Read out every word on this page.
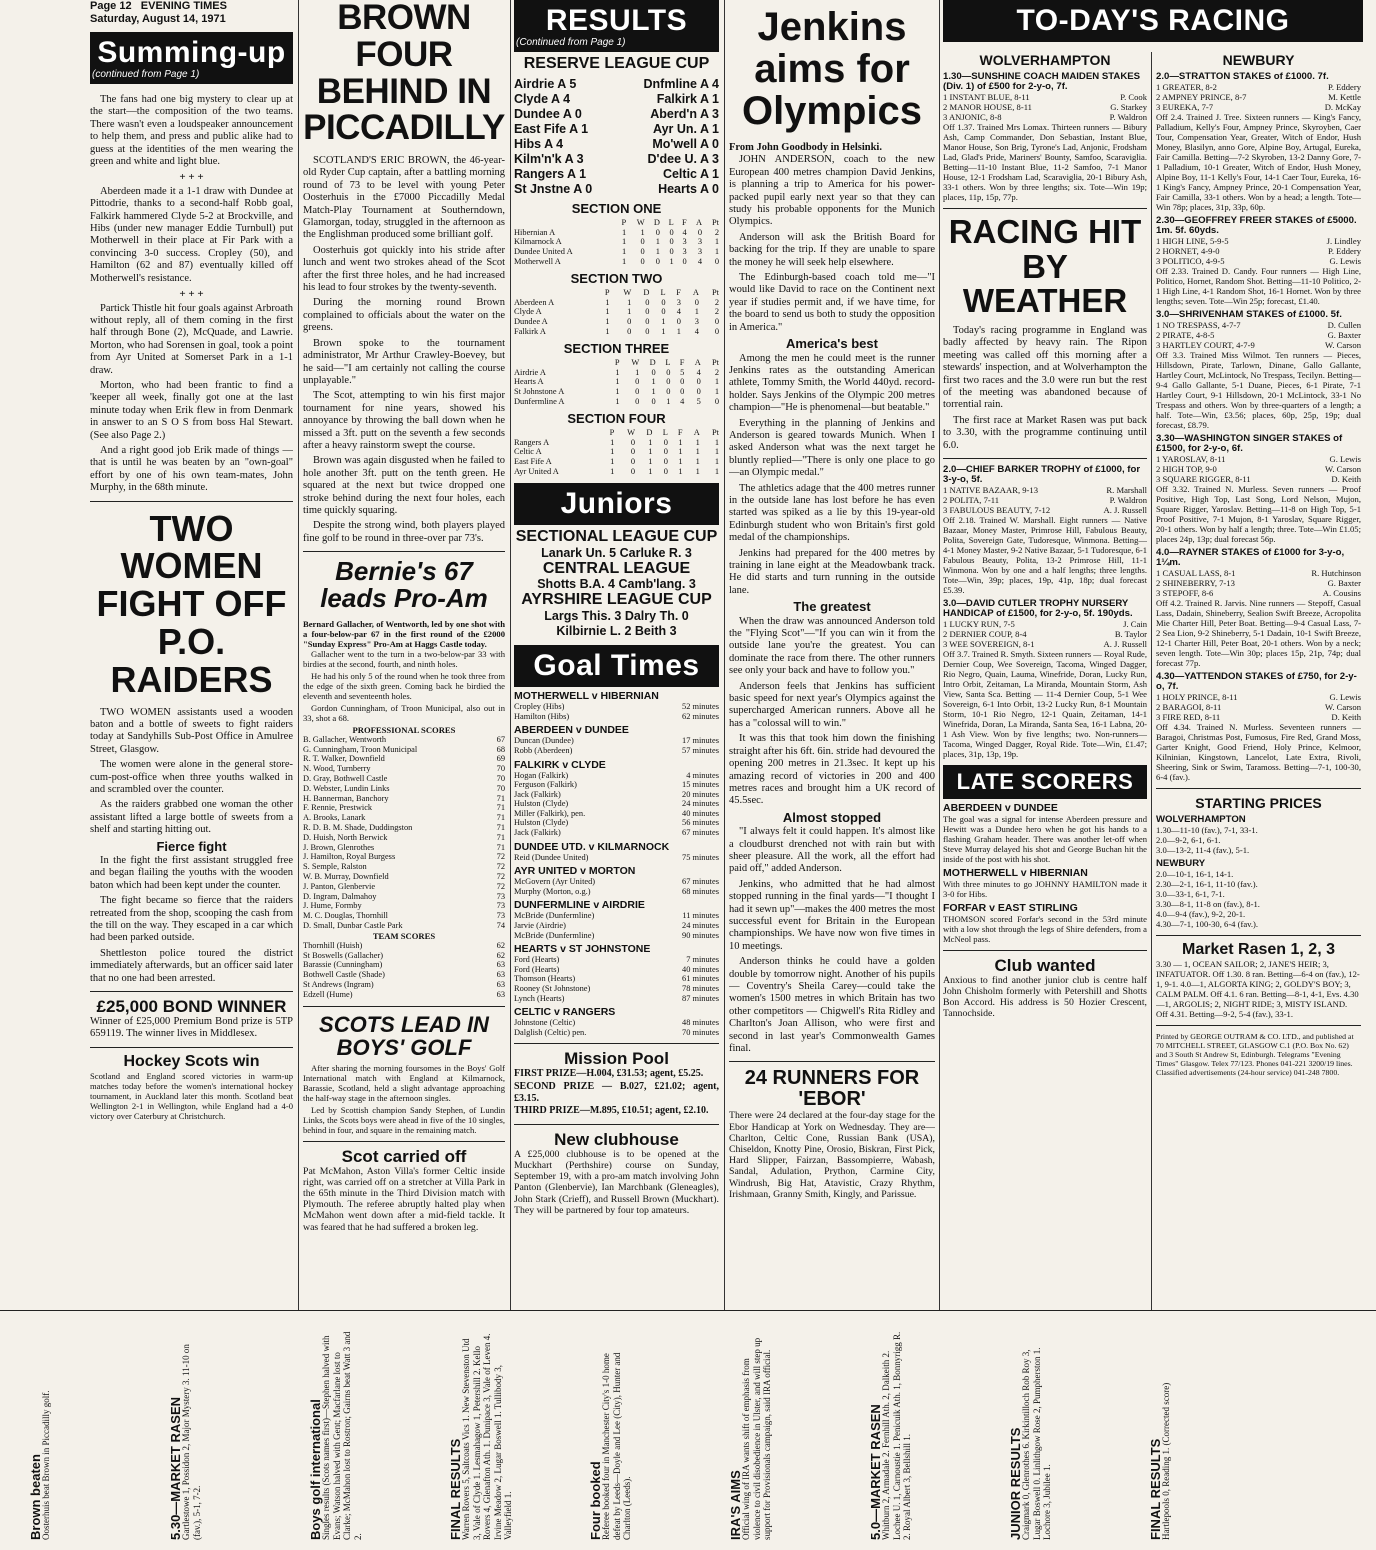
Page 12 EVENING TIMES
Saturday, August 14, 1971
Summing-up
(continued from Page 1)

The fans had one big mystery to clear up at the start—the composition of the two teams. There wasn't even a loudspeaker announcement to help them, and press and public alike had to guess at the identities of the men wearing the green and white and light blue.

+ + +

Aberdeen made it a 1-1 draw with Dundee at Pittodrie, thanks to a second-half Robb goal, Falkirk hammered Clyde 5-2 at Brockville, and Hibs (under new manager Eddie Turnbull) put Motherwell in their place at Fir Park with a convincing 3-0 success. Cropley (50), and Hamilton (62 and 87) eventually killed off Motherwell's resistance.

+ + +

Partick Thistle hit four goals against Arbroath without reply, all of them coming in the first half through Bone (2), McQuade, and Lawrie. Morton, who had Sorensen in goal, took a point from Ayr United at Somerset Park in a 1-1 draw.

Morton, who had been frantic to find a 'keeper all week, finally got one at the last minute today when Erik flew in from Denmark in answer to an S O S from boss Hal Stewart. (See also Page 2.)

And a right good job Erik made of things — that is until he was beaten by an "own-goal" effort by one of his own team-mates, John Murphy, in the 68th minute.

TWO WOMEN FIGHT OFF P.O. RAIDERS

TWO WOMEN assistants used a wooden baton and a bottle of sweets to fight raiders today at Sandyhills Sub-Post Office in Amulree Street, Glasgow.

The women were alone in the general store-cum-post-office when three youths walked in and scrambled over the counter.

As the raiders grabbed one woman the other assistant lifted a large bottle of sweets from a shelf and starting hitting out.

Fierce fight

In the fight the first assistant struggled free and began flailing the youths with the wooden baton which had been kept under the counter.

The fight became so fierce that the raiders retreated from the shop, scooping the cash from the till on the way. They escaped in a car which had been parked outside.

Shettleston police toured the district immediately afterwards, but an officer said later that no one had been arrested.

£25,000 BOND WINNER
Winner of £25,000 Premium Bond prize is 5TP 659119. The winner lives in Middlesex.
Hockey Scots win
Scotland and England scored victories in warm-up matches today before the women's international hockey tournament, in Auckland later this month. Scotland beat Wellington 2-1 in Wellington, while England had a 4-0 victory over Caterbury at Christchurch.
BROWN FOUR BEHIND IN PICCADILLY

SCOTLAND'S ERIC BROWN, the 46-year-old Ryder Cup captain, after a battling morning round of 73 to be level with young Peter Oosterhuis in the £7000 Piccadilly Medal Match-Play Tournament at Southerndown, Glamorgan, today, struggled in the afternoon as the Englishman produced some brilliant golf.

Oosterhuis got quickly into his stride after lunch and went two strokes ahead of the Scot after the first three holes, and he had increased his lead to four strokes by the twenty-seventh.

During the morning round Brown complained to officials about the water on the greens.

Brown spoke to the tournament administrator, Mr Arthur Crawley-Boevey, but he said—"I am certainly not calling the course unplayable."

The Scot, attempting to win his first major tournament for nine years, showed his annoyance by throwing the ball down when he missed a 3ft. putt on the seventh a few seconds after a heavy rainstorm swept the course.

Brown was again disgusted when he failed to hole another 3ft. putt on the tenth green. He squared at the next but twice dropped one stroke behind during the next four holes, each time quickly squaring.

Despite the strong wind, both players played fine golf to be round in three-over par 73's.

Bernie's 67 leads Pro-Am
Bernard Gallacher, of Wentworth, led by one shot with a four-below-par 67 in the first round of the £2000 "Sunday Express" Pro-Am at Haggs Castle today.

Gallacher went to the turn in a two-below-par 33 with birdies at the second, fourth, and ninth holes.

He had his only 5 of the round when he took three from the edge of the sixth green. Coming back he birdied the eleventh and seventeenth holes.

Gordon Cunningham, of Troon Municipal, also out in 33, shot a 68.

PROFESSIONAL SCORES
B. Gallacher, Wentworth	67
G. Cunningham, Troon Municipal	68
R. T. Walker, Downfield	69
N. Wood, Turnberry	70
D. Gray, Bothwell Castle	70
D. Webster, Lundin Links	70
H. Bannerman, Banchory	71
F. Rennie, Prestwick	71
A. Brooks, Lanark	71
R. D. B. M. Shade, Duddingston	71
D. Huish, North Berwick	71
J. Brown, Glenrothes	71
J. Hamilton, Royal Burgess	72
S. Semple, Ralston	72
W. B. Murray, Downfield	72
J. Panton, Glenbervie	72
D. Ingram, Dalmahoy	73
J. Hume, Formby	73
M. C. Douglas, Thornhill	73
D. Small, Dunbar Castle Park	74
TEAM SCORES
Thornhill (Huish)	62
St Boswells (Gallacher)	62
Barassie (Cunningham)	63
Bothwell Castle (Shade)	63
St Andrews (Ingram)	63
Edzell (Hume)	63
SCOTS LEAD IN BOYS' GOLF

After sharing the morning foursomes in the Boys' Golf International match with England at Kilmarnock, Barassie, Scotland, held a slight advantage approaching the half-way stage in the afternoon singles.

Led by Scottish champion Sandy Stephen, of Lundin Links, the Scots boys were ahead in five of the 10 singles, behind in four, and square in the remaining match.

Scot carried off
Pat McMahon, Aston Villa's former Celtic inside right, was carried off on a stretcher at Villa Park in the 65th minute in the Third Division match with Plymouth. The referee abruptly halted play when McMahon went down after a mid-field tackle. It was feared that he had suffered a broken leg.
RESULTS
(Continued from Page 1)
RESERVE LEAGUE CUP
Airdrie A 5	Dnfmline A 4
Clyde A 4	Falkirk A 1
Dundee A 0	Aberd'n A 3
East Fife A 1	Ayr Un. A 1
Hibs A 4	Mo'well A 0
Kilm'n'k A 3	D'dee U. A 3
Rangers A 1	Celtic A 1
St Jnstne A 0	Hearts A 0
SECTION ONE
	P	W	D	L	F	A	Pt
Hibernian A	1	1	0	0	4	0	2
Kilmarnock A	1	0	1	0	3	3	1
Dundee United A	1	0	1	0	3	3	1
Motherwell A	1	0	0	1	0	4	0
SECTION TWO
	P	W	D	L	F	A	Pt
Aberdeen A	1	1	0	0	3	0	2
Clyde A	1	1	0	0	4	1	2
Dundee A	1	0	0	1	0	3	0
Falkirk A	1	0	0	1	1	4	0
SECTION THREE
	P	W	D	L	F	A	Pt
Airdrie A	1	1	0	0	5	4	2
Hearts A	1	0	1	0	0	0	1
St Johnstone A	1	0	1	0	0	0	1
Dunfermline A	1	0	0	1	4	5	0
SECTION FOUR
	P	W	D	L	F	A	Pt
Rangers A	1	0	1	0	1	1	1
Celtic A	1	0	1	0	1	1	1
East Fife A	1	0	1	0	1	1	1
Ayr United A	1	0	1	0	1	1	1
Juniors
SECTIONAL LEAGUE CUP
Lanark Un. 5 Carluke R. 3
CENTRAL LEAGUE
Shotts B.A. 4 Camb'lang. 3
AYRSHIRE LEAGUE CUP
Largs This. 3 Dalry Th. 0
Kilbirnie L. 2 Beith 3
Goal Times
MOTHERWELL v HIBERNIAN
Cropley (Hibs)	52 minutes
Hamilton (Hibs)	62 minutes
ABERDEEN v DUNDEE
Duncan (Dundee)	17 minutes
Robb (Aberdeen)	57 minutes
FALKIRK v CLYDE
Hogan (Falkirk)	4 minutes
Ferguson (Falkirk)	15 minutes
Jack (Falkirk)	20 minutes
Hulston (Clyde)	24 minutes
Miller (Falkirk), pen.	40 minutes
Hulston (Clyde)	56 minutes
Jack (Falkirk)	67 minutes
DUNDEE UTD. v KILMARNOCK
Reid (Dundee United)	75 minutes
AYR UNITED v MORTON
McGovern (Ayr United)	67 minutes
Murphy (Morton, o.g.)	68 minutes
DUNFERMLINE v AIRDRIE
McBride (Dunfermline)	11 minutes
Jarvie (Airdrie)	24 minutes
McBride (Dunfermline)	90 minutes
HEARTS v ST JOHNSTONE
Ford (Hearts)	7 minutes
Ford (Hearts)	40 minutes
Thomson (Hearts)	61 minutes
Rooney (St Johnstone)	78 minutes
Lynch (Hearts)	87 minutes
CELTIC v RANGERS
Johnstone (Celtic)	48 minutes
Dalglish (Celtic) pen.	70 minutes
Mission Pool
FIRST PRIZE—H.004, £31.53; agent, £5.25.
SECOND PRIZE — B.027, £21.02; agent, £3.15.
THIRD PRIZE—M.895, £10.51; agent, £2.10.
New clubhouse
A £25,000 clubhouse is to be opened at the Muckhart (Perthshire) course on Sunday, September 19, with a pro-am match involving John Panton (Glenbervie), Ian Marchbank (Gleneagles), John Stark (Crieff), and Russell Brown (Muckhart). They will be partnered by four top amateurs.
Jenkins aims for Olympics
From John Goodbody in Helsinki.

JOHN ANDERSON, coach to the new European 400 metres champion David Jenkins, is planning a trip to America for his power-packed pupil early next year so that they can study his probable opponents for the Munich Olympics.

Anderson will ask the British Board for backing for the trip. If they are unable to spare the money he will seek help elsewhere.

The Edinburgh-based coach told me—"I would like David to race on the Continent next year if studies permit and, if we have time, for the board to send us both to study the opposition in America."

America's best

Among the men he could meet is the runner Jenkins rates as the outstanding American athlete, Tommy Smith, the World 440yd. record-holder. Says Jenkins of the Olympic 200 metres champion—"He is phenomenal—but beatable."

Everything in the planning of Jenkins and Anderson is geared towards Munich. When I asked Anderson what was the next target he bluntly replied—"There is only one place to go—an Olympic medal."

The athletics adage that the 400 metres runner in the outside lane has lost before he has even started was spiked as a lie by this 19-year-old Edinburgh student who won Britain's first gold medal of the championships.

Jenkins had prepared for the 400 metres by training in lane eight at the Meadowbank track. He did starts and turn running in the outside lane.

The greatest

When the draw was announced Anderson told the "Flying Scot"—"If you can win it from the outside lane you're the greatest. You can dominate the race from there. The other runners see only your back and have to follow you."

Anderson feels that Jenkins has sufficient basic speed for next year's Olympics against the supercharged American runners. Above all he has a "colossal will to win."

It was this that took him down the finishing straight after his 6ft. 6in. stride had devoured the opening 200 metres in 21.3sec. It kept up his amazing record of victories in 200 and 400 metres races and brought him a UK record of 45.5sec.

Almost stopped

"I always felt it could happen. It's almost like a cloudburst drenched not with rain but with sheer pleasure. All the work, all the effort had paid off," added Anderson.

Jenkins, who admitted that he had almost stopped running in the final yards—"I thought I had it sewn up"—makes the 400 metres the most successful event for Britain in the European championships. We have now won five times in 10 meetings.

Anderson thinks he could have a golden double by tomorrow night. Another of his pupils — Coventry's Sheila Carey—could take the women's 1500 metres in which Britain has two other competitors — Chigwell's Rita Ridley and Charlton's Joan Allison, who were first and second in last year's Commonwealth Games final.

24 RUNNERS FOR 'EBOR'
There were 24 declared at the four-day stage for the Ebor Handicap at York on Wednesday. They are—Charlton, Celtic Cone, Russian Bank (USA), Chiseldon, Knotty Pine, Orosio, Biskran, First Pick, Hard Slipper, Fairzan, Bassompierre, Wabash, Sandal, Adulation, Prython, Carmine City, Windrush, Big Hat, Atavistic, Crazy Rhythm, Irishmaan, Granny Smith, Kingly, and Parissue.
TO-DAY'S RACING
WOLVERHAMPTON
1.30—SUNSHINE COACH MAIDEN STAKES (Div. 1) of £500 for 2-y-o, 7f.
1 INSTANT BLUE, 8-11	P. Cook
2 MANOR HOUSE, 8-11	G. Starkey
3 ANJONIC, 8-8	P. Waldron

Off 1.37. Trained Mrs Lomax. Thirteen runners — Bibury Ash, Camp Commander, Don Sebastian, Instant Blue, Manor House, Son Brig, Tyrone's Lad, Anjonic, Frodsham Lad, Glad's Pride, Mariners' Bounty, Samfoo, Scaraviglia. Betting—11-10 Instant Blue, 11-2 Samfoo, 7-1 Manor House, 12-1 Frodsham Lad, Scaraviglia, 20-1 Bibury Ash, 33-1 others. Won by three lengths; six. Tote—Win 19p; places, 11p, 15p, 77p.

RACING HIT BY WEATHER

Today's racing programme in England was badly affected by heavy rain. The Ripon meeting was called off this morning after a stewards' inspection, and at Wolverhampton the first two races and the 3.0 were run but the rest of the meeting was abandoned because of torrential rain.

The first race at Market Rasen was put back to 3.30, with the programme continuing until 6.0.

2.0—CHIEF BARKER TROPHY of £1000, for 3-y-o, 5f.
1 NATIVE BAZAAR, 9-13	R. Marshall
2 POLITA, 7-11	P. Waldron
3 FABULOUS BEAUTY, 7-12	A. J. Russell

Off 2.18. Trained W. Marshall. Eight runners — Native Bazaar, Money Master, Primrose Hill, Fabulous Beauty, Polita, Sovereign Gate, Tudoresque, Winmona. Betting—4-1 Money Master, 9-2 Native Bazaar, 5-1 Tudoresque, 6-1 Fabulous Beauty, Polita, 13-2 Primrose Hill, 11-1 Winmona. Won by one and a half lengths; three lengths. Tote—Win, 39p; places, 19p, 41p, 18p; dual forecast £5.39.

3.0—DAVID CUTLER TROPHY NURSERY HANDICAP of £1500, for 2-y-o, 5f. 190yds.
1 LUCKY RUN, 7-5	J. Cain
2 DERNIER COUP, 8-4	B. Taylor
3 WEE SOVEREIGN, 8-1	A. J. Russell

Off 3.7. Trained R. Smyth. Sixteen runners — Royal Rude, Dernier Coup, Wee Sovereign, Tacoma, Winged Dagger, Rio Negro, Quain, Lauma, Winefride, Doran, Lucky Run, Intro Orbit, Zeitaman, La Miranda, Mountain Storm, Ash View, Santa Sca. Betting — 11-4 Dernier Coup, 5-1 Wee Sovereign, 6-1 Into Orbit, 13-2 Lucky Run, 8-1 Mountain Storm, 10-1 Rio Negro, 12-1 Quain, Zeitaman, 14-1 Winefrida, Doran, La Miranda, Santa Sea, 16-1 Labna, 20-1 Ash View. Won by five lengths; two. Non-runners—Tacoma, Winged Dagger, Royal Ride. Tote—Win, £1.47; places, 31p, 13p, 19p.

LATE SCORERS
ABERDEEN v DUNDEE
The goal was a signal for intense Aberdeen pressure and Hewitt was a Dundee hero when he got his hands to a flashing Graham header. There was another let-off when Steve Murray delayed his shot and George Buchan hit the inside of the post with his shot.
MOTHERWELL v HIBERNIAN
With three minutes to go JOHNNY HAMILTON made it 3-0 for Hibs.
FORFAR v EAST STIRLING
THOMSON scored Forfar's second in the 53rd minute with a low shot through the legs of Shire defenders, from a McNeol pass.
Club wanted
Anxious to find another junior club is centre half John Chisholm formerly with Petershill and Shotts Bon Accord. His address is 50 Hozier Crescent, Tannochside.
NEWBURY
2.0—STRATTON STAKES of £1000. 7f.
1 GREATER, 8-2	P. Eddery
2 AMPNEY PRINCE, 8-7	M. Kettle
3 EUREKA, 7-7	D. McKay

Off 2.4. Trained J. Tree. Sixteen runners — King's Fancy, Palladium, Kelly's Four, Ampney Prince, Skyroyben, Caer Tour, Compensation Year, Greater, Witch of Endor, Hush Money, Blasilyn, anno Gore, Alpine Boy, Artugal, Eureka, Fair Camilla. Betting—7-2 Skyroben, 13-2 Danny Gore, 7-1 Palladium, 10-1 Greater, Witch of Endor, Hush Money, Alpine Boy, 11-1 Kelly's Four, 14-1 Caer Tour, Eureka, 16-1 King's Fancy, Ampney Prince, 20-1 Compensation Year, Fair Camilla, 33-1 others. Won by a head; a length. Tote—Win 78p; places, 31p, 33p, 60p.

2.30—GEOFFREY FREER STAKES of £5000. 1m. 5f. 60yds.
1 HIGH LINE, 5-9-5	J. Lindley
2 HORNET, 4-9-0	P. Eddery
3 POLITICO, 4-9-5	G. Lewis

Off 2.33. Trained D. Candy. Four runners — High Line, Politico, Hornet, Random Shot. Betting—11-10 Politico, 2-1 High Line, 4-1 Random Shot, 16-1 Hornet. Won by three lengths; seven. Tote—Win 25p; forecast, £1.40.

3.0—SHRIVENHAM STAKES of £1000. 5f.
1 NO TRESPASS, 4-7-7	D. Cullen
2 PIRATE, 4-8-5	G. Baxter
3 HARTLEY COURT, 4-7-9	W. Carson

Off 3.3. Trained Miss Wilmot. Ten runners — Pieces, Hillsdown, Pirate, Tarlown, Dinane, Gallo Gallante, Hartley Court, McLintock, No Trespass, Tecilyn. Betting—9-4 Gallo Gallante, 5-1 Duane, Pieces, 6-1 Pirate, 7-1 Hartley Court, 9-1 Hillsdown, 20-1 McLintock, 33-1 No Trespass and others. Won by three-quarters of a length; a half. Tote—Win, £3.56; places, 60p, 25p, 19p; dual forecast, £8.79.

3.30—WASHINGTON SINGER STAKES of £1500, for 2-y-o, 6f.
1 YAROSLAV, 8-11	G. Lewis
2 HIGH TOP, 9-0	W. Carson
3 SQUARE RIGGER, 8-11	D. Keith

Off 3.32. Trained N. Murless. Seven runners — Proof Positive, High Top, Last Song, Lord Nelson, Mujon, Square Rigger, Yaroslav. Betting—11-8 on High Top, 5-1 Proof Positive, 7-1 Mujon, 8-1 Yaroslav, Square Rigger, 20-1 others. Won by half a length; three. Tote—Win £1.05; places 24p, 13p; dual forecast 56p.

4.0—RAYNER STAKES of £1000 for 3-y-o, 1¼m.
1 CASUAL LASS, 8-1	R. Hutchinson
2 SHINEBERRY, 7-13	G. Baxter
3 STEPOFF, 8-6	A. Cousins

Off 4.2. Trained R. Jarvis. Nine runners — Stepoff, Casual Lass, Dadain, Shineberry, Sealion Swift Breeze, Acropolita Mie Charter Hill, Peter Boat. Betting—9-4 Casual Lass, 7-2 Sea Lion, 9-2 Shineberry, 5-1 Dadain, 10-1 Swift Breeze, 12-1 Charter Hill, Peter Boat, 20-1 others. Won by a neck; seven length. Tote—Win 30p; places 15p, 21p, 74p; dual forecast 77p.

4.30—YATTENDON STAKES of £750, for 2-y-o, 7f.
1 HOLY PRINCE, 8-11	G. Lewis
2 BARAGOI, 8-11	W. Carson
3 FIRE RED, 8-11	D. Keith

Off 4.34. Trained N. Murless. Seventeen runners — Baragoi, Christmas Post, Fumosus, Fire Red, Grand Moss, Garter Knight, Good Friend, Holy Prince, Kelmoor, Kilninian, Kingstown, Lancelot, Late Extra, Rivoli, Sheering, Sink or Swim, Taramoss. Betting—7-1, 100-30, 6-4 (fav.).

STARTING PRICES
WOLVERHAMPTON
1.30—11-10 (fav.), 7-1, 33-1.
2.0—9-2, 6-1, 6-1.
3.0—13-2, 11-4 (fav.), 5-1.
NEWBURY
2.0—10-1, 16-1, 14-1.
2.30—2-1, 16-1, 11-10 (fav.).
3.0—33-1, 6-1, 7-1.
3.30—8-1, 11-8 on (fav.), 8-1.
4.0—9-4 (fav.), 9-2, 20-1.
4.30—7-1, 100-30, 6-4 (fav.).
Market Rasen 1, 2, 3
3.30 — 1, OCEAN SAILOR; 2, JANE'S HEIR; 3, INFATUATOR. Off 1.30. 8 ran. Betting—6-4 on (fav.), 12-1, 9-1. 4.0—1, ALGORTA KING; 2, GOLDY'S BOY; 3, CALM PALM. Off 4.1. 6 ran. Betting—8-1, 4-1, Evs. 4.30—1, ARGOLIS; 2, NIGHT RIDE; 3, MISTY ISLAND. Off 4.31. Betting—9-2, 5-4 (fav.), 33-1.
Printed by GEORGE OUTRAM & CO. LTD., and published at 70 MITCHELL STREET, GLASGOW C.1 (P.O. Box No. 62) and 3 South St Andrew St, Edinburgh. Telegrams "Evening Times" Glasgow. Telex 77/123. Phones 041-221 3200/19 lines. Classified advertisements (24-hour service) 041-248 7800.
Brown beaten
Oosterhuis beat Brown in Piccadilly golf.	5.30—MARKET RASEN
Gartlestowe 1, Possidon 2, Major Mystery 3. 11-10 on (fav.), 5-1, 7-2.	Boys golf international
Singles results (Scots names first)—Stephen halved with Evans; Watson halved with Gent; Macfarlane lost to Clarke; McMahon lost to Rostron; Gairns beat Watt 3 and 2.	FINAL RESULTS
Warren Rovers 5, Saltcoats Vics 1. New Stevenston Utd 3, Vale of Clyde 1. Lesmahagow 1, Petershill 2. Kello Rovers 4, Glenafton Ath. 1. Dunipace 3, Vale of Leven 4. Irvine Meadow 2, Lugar Boswell 1. Tullibody 3, Valleyfield 1.	Four booked
Referee booked four in Manchester City's 1-0 home defeat by Leeds—Doyle and Lee (City), Hunter and Charlton (Leeds).	IRA'S AIMS
Official wing of IRA wants shift of emphasis from violence to civil disobedience in Ulster, and will step up support for Provisionals campaign, said IRA official.	5.0—MARKET RASEN
Whitburn 2, Armadale 2. Fernhill Ath. 2, Dalkeith 2. Lochee U. 1, Carnoustie 1. Penicuik Ath. 1, Bonnyrigg R. 2. Royal Albert 3, Bellshill 1.	JUNIOR RESULTS
Craigmark 0, Glenrothes 6. Kirkintilloch Rob Roy 3, Lugar Boswell 0. Linlithgow Rose 2, Pumpherston 1. Lochore 3, Jubilee 1.	FINAL RESULTS
Hartlepools 0, Reading 1. (Corrected score)
